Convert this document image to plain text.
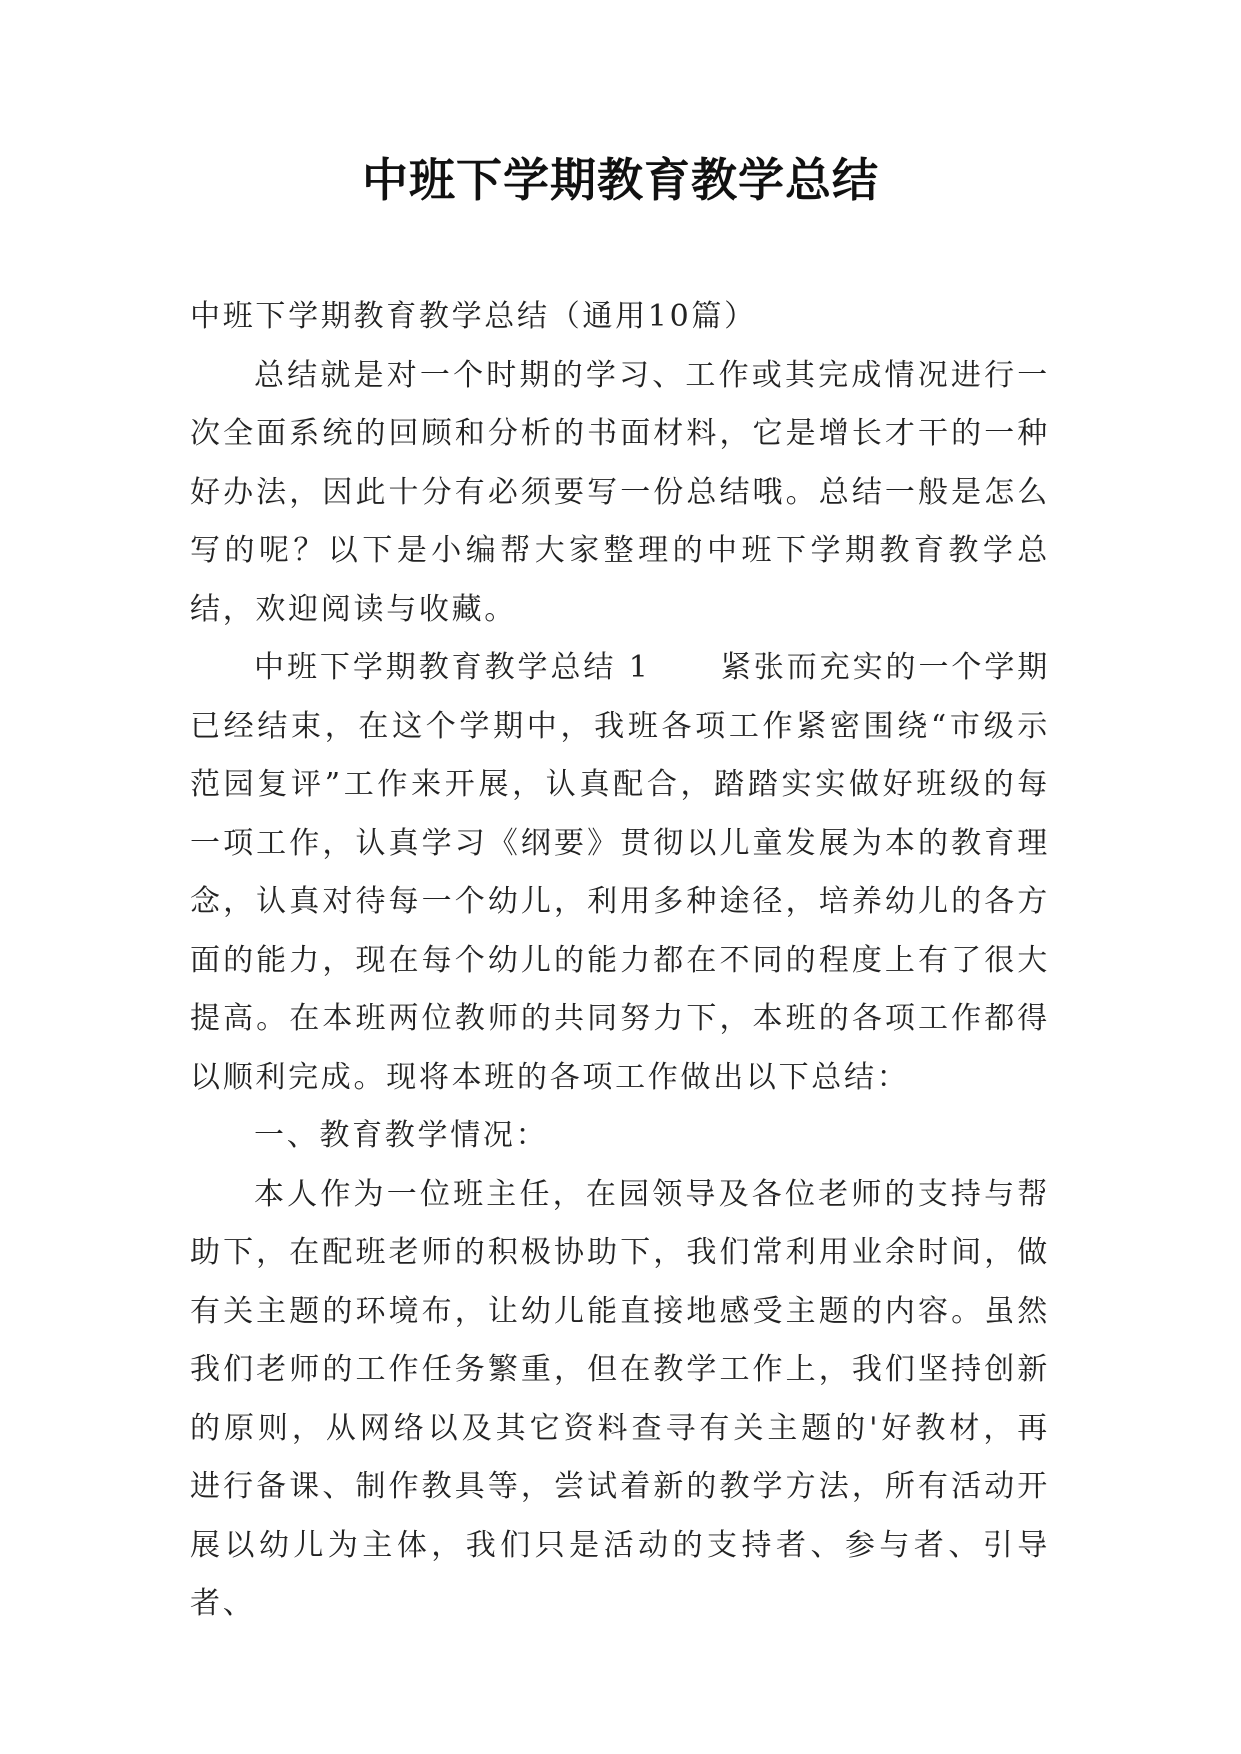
中班下学期教育教学总结

中班下学期教育教学总结（通用10篇）

总结就是对一个时期的学习、工作或其完成情况进行一次全面系统的回顾和分析的书面材料，它是增长才干的一种好办法，因此十分有必须要写一份总结哦。总结一般是怎么写的呢？以下是小编帮大家整理的中班下学期教育教学总结，欢迎阅读与收藏。

中班下学期教育教学总结 1 紧张而充实的一个学期已经结束，在这个学期中，我班各项工作紧密围绕“市级示范园复评”工作来开展，认真配合，踏踏实实做好班级的每一项工作，认真学习《纲要》贯彻以儿童发展为本的教育理念，认真对待每一个幼儿，利用多种途径，培养幼儿的各方面的能力，现在每个幼儿的能力都在不同的程度上有了很大提高。在本班两位教师的共同努力下，本班的各项工作都得以顺利完成。现将本班的各项工作做出以下总结：

一、教育教学情况：

本人作为一位班主任，在园领导及各位老师的支持与帮助下，在配班老师的积极协助下，我们常利用业余时间，做有关主题的环境布，让幼儿能直接地感受主题的内容。虽然我们老师的工作任务繁重，但在教学工作上，我们坚持创新的原则，从网络以及其它资料查寻有关主题的'好教材，再进行备课、制作教具等，尝试着新的教学方法，所有活动开展以幼儿为主体，我们只是活动的支持者、参与者、引导者、
